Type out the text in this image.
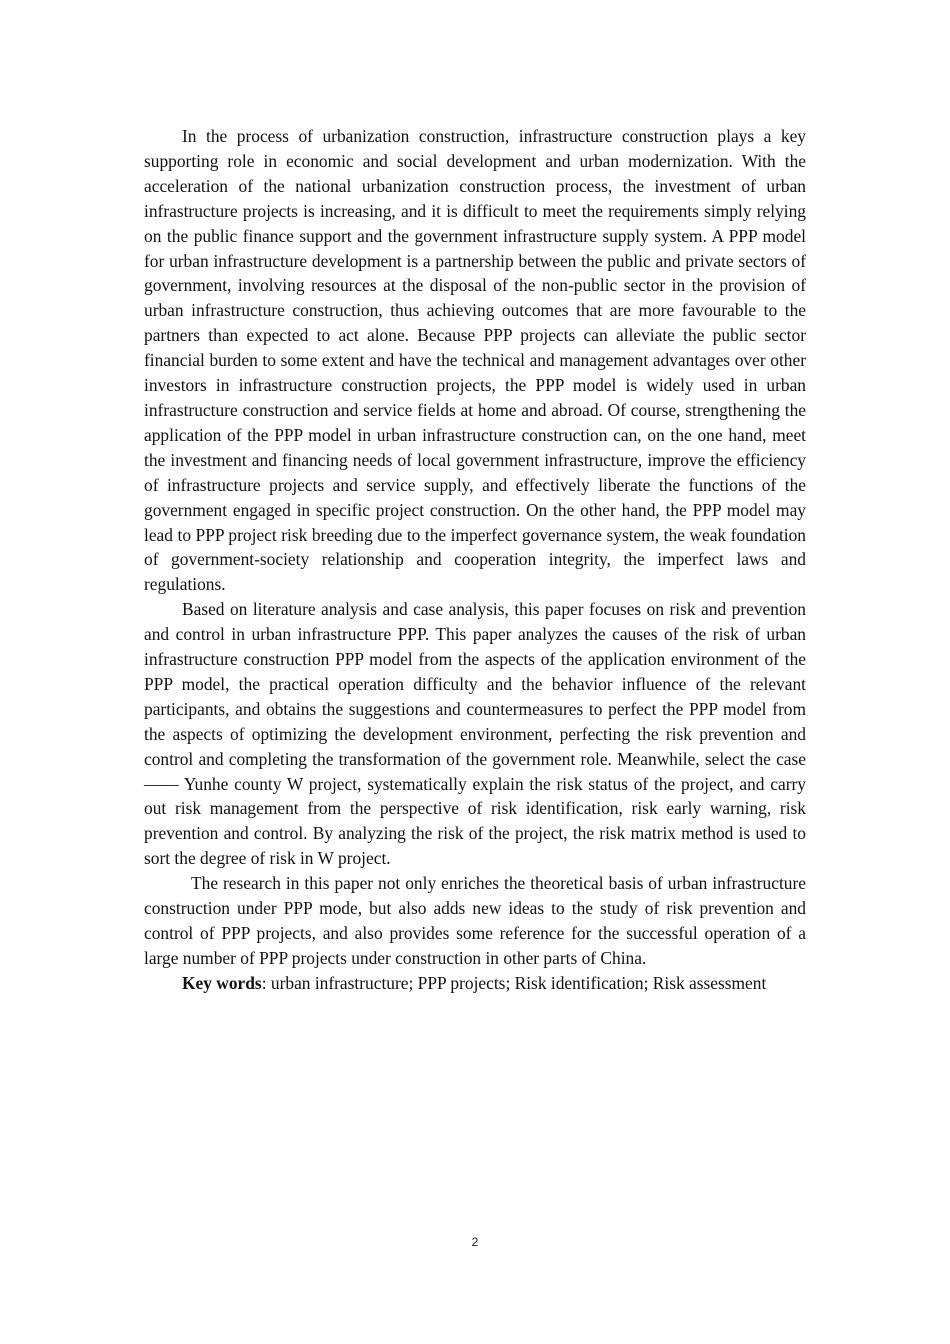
In the process of urbanization construction, infrastructure construction plays a key supporting role in economic and social development and urban modernization. With the acceleration of the national urbanization construction process, the investment of urban infrastructure projects is increasing, and it is difficult to meet the requirements simply relying on the public finance support and the government infrastructure supply system. A PPP model for urban infrastructure development is a partnership between the public and private sectors of government, involving resources at the disposal of the non-public sector in the provision of urban infrastructure construction, thus achieving outcomes that are more favourable to the partners than expected to act alone. Because PPP projects can alleviate the public sector financial burden to some extent and have the technical and management advantages over other investors in infrastructure construction projects, the PPP model is widely used in urban infrastructure construction and service fields at home and abroad. Of course, strengthening the application of the PPP model in urban infrastructure construction can, on the one hand, meet the investment and financing needs of local government infrastructure, improve the efficiency of infrastructure projects and service supply, and effectively liberate the functions of the government engaged in specific project construction. On the other hand, the PPP model may lead to PPP project risk breeding due to the imperfect governance system, the weak foundation of government-society relationship and cooperation integrity, the imperfect laws and regulations.

Based on literature analysis and case analysis, this paper focuses on risk and prevention and control in urban infrastructure PPP. This paper analyzes the causes of the risk of urban infrastructure construction PPP model from the aspects of the application environment of the PPP model, the practical operation difficulty and the behavior influence of the relevant participants, and obtains the suggestions and countermeasures to perfect the PPP model from the aspects of optimizing the development environment, perfecting the risk prevention and control and completing the transformation of the government role. Meanwhile, select the case —— Yunhe county W project, systematically explain the risk status of the project, and carry out risk management from the perspective of risk identification, risk early warning, risk prevention and control. By analyzing the risk of the project, the risk matrix method is used to sort the degree of risk in W project.

The research in this paper not only enriches the theoretical basis of urban infrastructure construction under PPP mode, but also adds new ideas to the study of risk prevention and control of PPP projects, and also provides some reference for the successful operation of a large number of PPP projects under construction in other parts of China.

Key words: urban infrastructure; PPP projects; Risk identification; Risk assessment

2
